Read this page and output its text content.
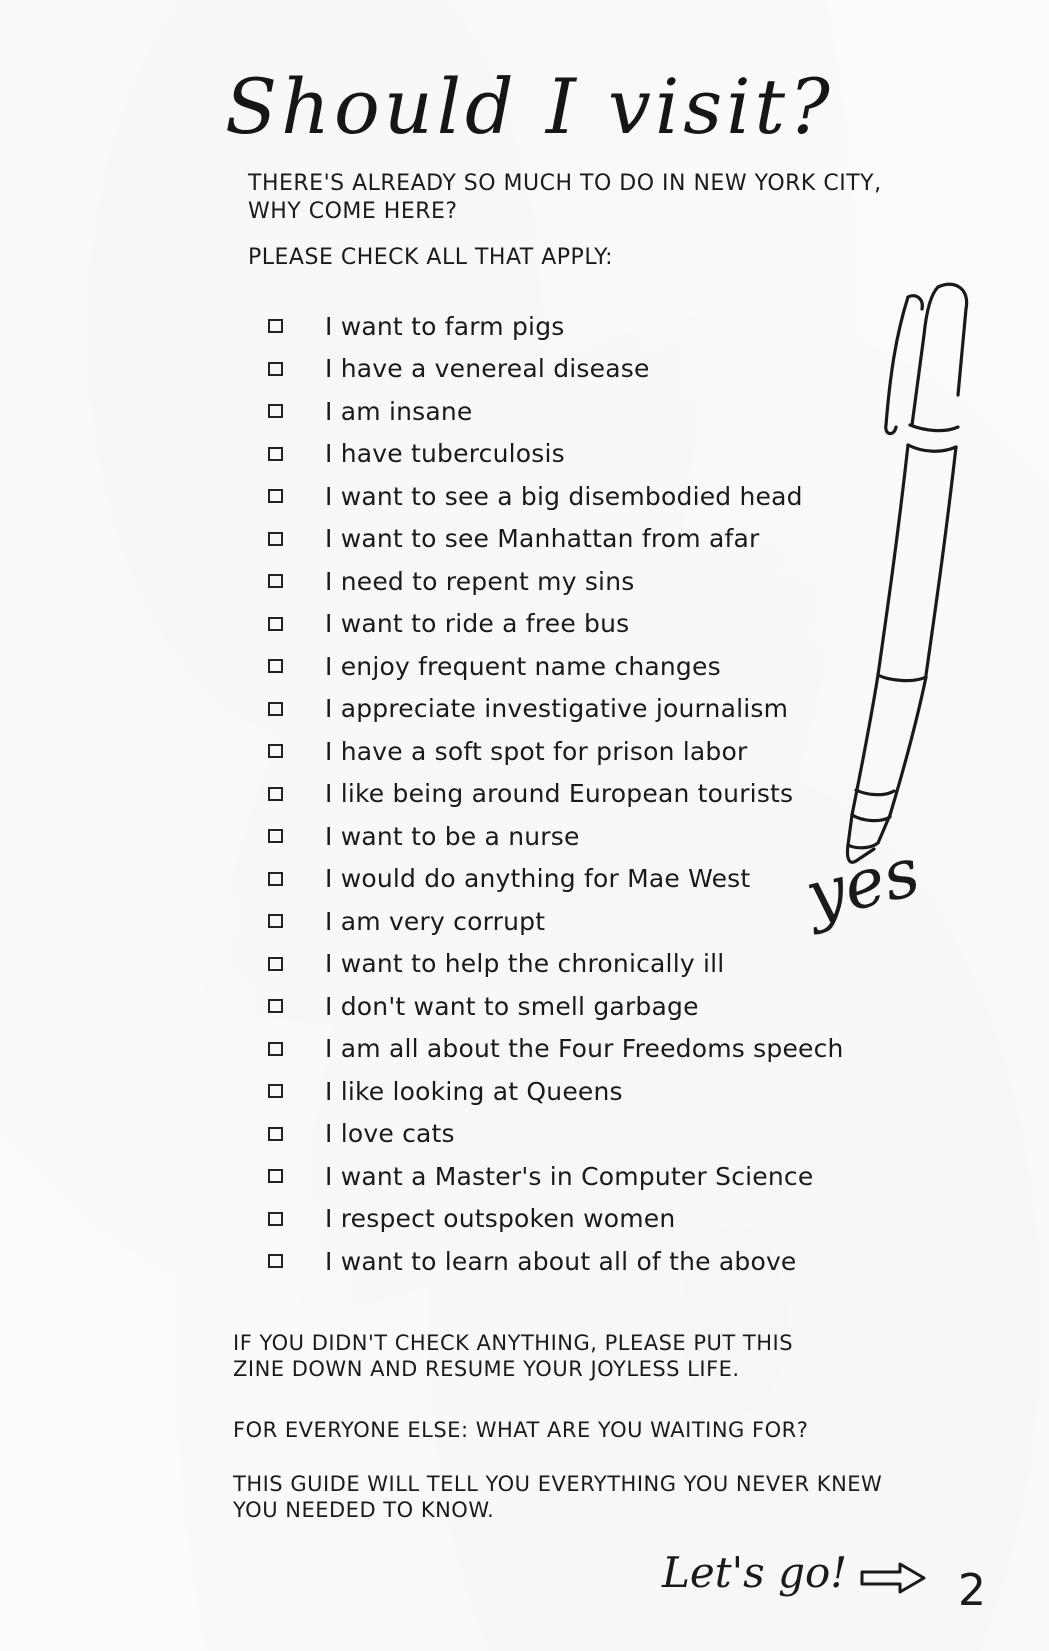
Should I visit?
THERE'S ALREADY SO MUCH TO DO IN NEW YORK CITY,
WHY COME HERE?
PLEASE CHECK ALL THAT APPLY:
I want to farm pigs
I have a venereal disease
I am insane
I have tuberculosis
I want to see a big disembodied head
I want to see Manhattan from afar
I need to repent my sins
I want to ride a free bus
I enjoy frequent name changes
I appreciate investigative journalism
I have a soft spot for prison labor
I like being around European tourists
I want to be a nurse
I would do anything for Mae West
I am very corrupt
I want to help the chronically ill
I don't want to smell garbage
I am all about the Four Freedoms speech
I like looking at Queens
I love cats
I want a Master's in Computer Science
I respect outspoken women
I want to learn about all of the above
yes
IF YOU DIDN'T CHECK ANYTHING, PLEASE PUT THIS
ZINE DOWN AND RESUME YOUR JOYLESS LIFE.
FOR EVERYONE ELSE: WHAT ARE YOU WAITING FOR?
THIS GUIDE WILL TELL YOU EVERYTHING YOU NEVER KNEW
YOU NEEDED TO KNOW.
Let's go!	2
